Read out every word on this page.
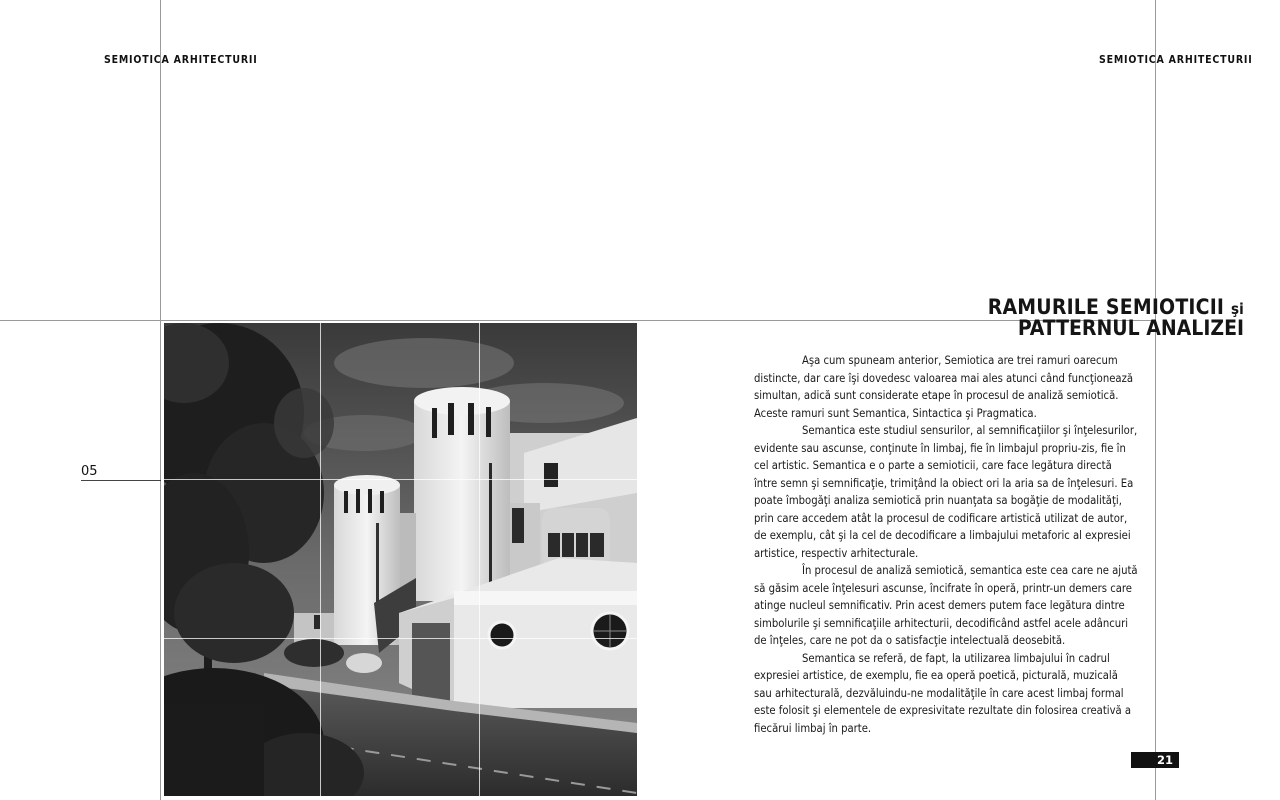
SEMIOTICA ARHITECTURII	SEMIOTICA ARHITECTURII
05
RAMURILE SEMIOTICII şi
PATTERNUL ANALIZEI

Aşa cum spuneam anterior, Semiotica are trei ramuri oarecum distincte, dar care îşi dovedesc valoarea mai ales atunci când funcţionează simultan, adică sunt considerate etape în procesul de analiză semiotică. Aceste ramuri sunt Semantica, Sintactica şi Pragmatica.

Semantica este studiul sensurilor, al semnificaţiilor şi înţelesurilor, evidente sau ascunse, conţinute în limbaj, fie în limbajul propriu-zis, fie în cel artistic. Semantica e o parte a semioticii, care face legătura directă între semn şi semnificaţie, trimiţând la obiect ori la aria sa de înţelesuri. Ea poate îmbogăţi analiza semiotică prin nuanţata sa bogăţie de modalităţi, prin care accedem atât la procesul de codificare artistică utilizat de autor, de exemplu, cât şi la cel de decodificare a limbajului metaforic al expresiei artistice, respectiv arhitecturale.

În procesul de analiză semiotică, semantica este cea care ne ajută să găsim acele înţelesuri ascunse, încifrate în operă, printr-un demers care atinge nucleul semnificativ. Prin acest demers putem face legătura dintre simbolurile şi semnificaţiile arhitecturii, decodificând astfel acele adâncuri de înţeles, care ne pot da o satisfacţie intelectuală deosebită.

Semantica se referă, de fapt, la utilizarea limbajului în cadrul expresiei artistice, de exemplu, fie ea operă poetică, picturală, muzicală sau arhitecturală, dezvăluindu-ne modalităţile în care acest limbaj formal este folosit şi elementele de expresivitate rezultate din folosirea creativă a fiecărui limbaj în parte.

21
